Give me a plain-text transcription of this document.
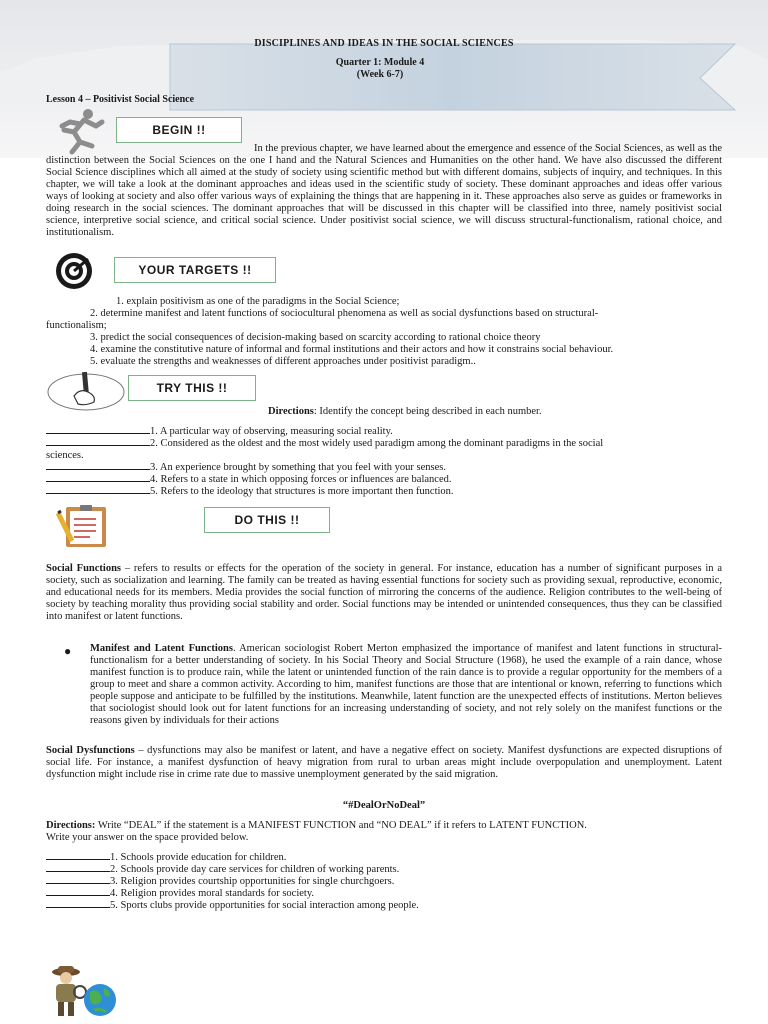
DISCIPLINES AND IDEAS IN THE SOCIAL SCIENCES
Quarter 1: Module 4
(Week 6-7)
Lesson 4 – Positivist Social Science
BEGIN !!
In the previous chapter, we have learned about the emergence and essence of the Social Sciences, as well as the distinction between the Social Sciences on the one I hand and the Natural Sciences and Humanities on the other hand. We have also discussed the different Social Science disciplines which all aimed at the study of society using scientific method but with different domains, subjects of inquiry, and techniques. In this chapter, we will take a look at the dominant approaches and ideas used in the scientific study of society. These dominant approaches and ideas offer various ways of looking at society and also offer various ways of explaining the things that are happening in it. These approaches also serve as guides or frameworks in doing research in the social sciences. The dominant approaches that will be discussed in this chapter will be classified into three, namely positivist social science, interpretive social science, and critical social science. Under positivist social science, we will discuss structural-functionalism, rational choice, and institutionalism.
YOUR TARGETS !!
1. explain positivism as one of the paradigms in the Social Science;
2. determine manifest and latent functions of sociocultural phenomena as well as social dysfunctions based on structural-
functionalism;
3. predict the social consequences of decision-making based on scarcity according to rational choice theory
4. examine the constitutive nature of informal and formal institutions and their actors and how it constrains social behaviour.
5. evaluate the strengths and weaknesses of different approaches under positivist paradigm..
TRY THIS !!
Directions: Identify the concept being described in each number.
1. A particular way of observing, measuring social reality.
2. Considered as the oldest and the most widely used paradigm among the dominant paradigms in the social
sciences.
3. An experience brought by something that you feel with your senses.
4. Refers to a state in which opposing forces or influences are balanced.
5. Refers to the ideology that structures is more important then function.
DO THIS !!
Social Functions – refers to results or effects for the operation of the society in general. For instance, education has a number of significant purposes in a society, such as socialization and learning. The family can be treated as having essential functions for society such as providing sexual, reproductive, economic, and educational needs for its members. Media provides the social function of mirroring the concerns of the audience. Religion contributes to the well-being of society by teaching morality thus providing social stability and order. Social functions may be intended or unintended consequences, thus they can be classified into manifest or latent functions.
● Manifest and Latent Functions. American sociologist Robert Merton emphasized the importance of manifest and latent functions in structural-functionalism for a better understanding of society. In his Social Theory and Social Structure (1968), he used the example of a rain dance, whose manifest function is to produce rain, while the latent or unintended function of the rain dance is to provide a regular opportunity for the members of a group to meet and share a common activity. According to him, manifest functions are those that are intentional or known, referring to functions which people suppose and anticipate to be fulfilled by the institutions. Meanwhile, latent function are the unexpected effects of institutions. Merton believes that sociologist should look out for latent functions for an increasing understanding of society, and not rely solely on the manifest functions or the reasons given by individuals for their actions
Social Dysfunctions – dysfunctions may also be manifest or latent, and have a negative effect on society. Manifest dysfunctions are expected disruptions of social life. For instance, a manifest dysfunction of heavy migration from rural to urban areas might include overpopulation and unemployment. Latent dysfunction might include rise in crime rate due to massive unemployment generated by the said migration.
“#DealOrNoDeal”
Directions: Write “DEAL” if the statement is a MANIFEST FUNCTION and “NO DEAL” if it refers to LATENT FUNCTION.
Write your answer on the space provided below.
1. Schools provide education for children.
2. Schools provide day care services for children of working parents.
3. Religion provides courtship opportunities for single churchgoers.
4. Religion provides moral standards for society.
5. Sports clubs provide opportunities for social interaction among people.
